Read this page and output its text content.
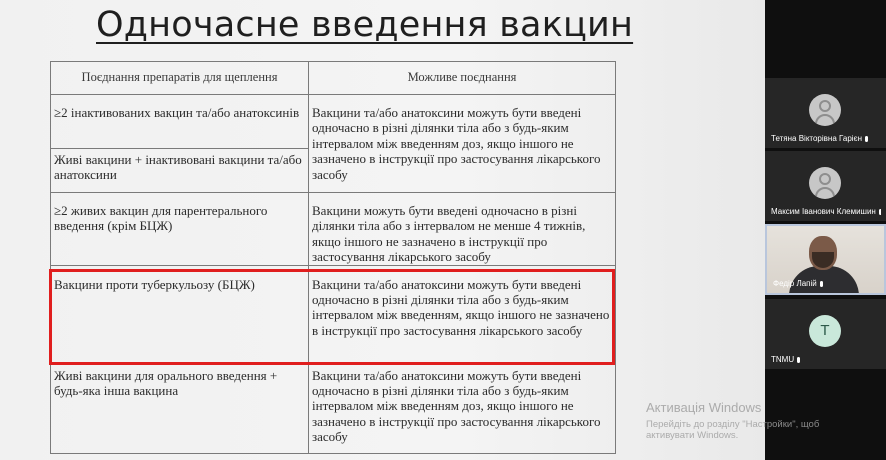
Одночасне введення вакцин
Поєднання препаратів для щеплення	Можливе поєднання
≥2 інактивованих вакцин та/або анатоксинів	Вакцини та/або анатоксини можуть бути введені одночасно в різні ділянки тіла або з будь-яким інтервалом між введенням доз, якщо іншого не зазначено в інструкції про застосування лікарського засобу
Живі вакцини + інактивовані вакцини та/або анатоксини	
≥2 живих вакцин для парентерального введення (крім БЦЖ)	Вакцини можуть бути введені одночасно в різні ділянки тіла або з інтервалом не менше 4 тижнів, якщо іншого не зазначено в інструкції про застосування лікарського засобу
Вакцини проти туберкульозу (БЦЖ)	Вакцини та/або анатоксини можуть бути введені одночасно в різні ділянки тіла або з будь-яким інтервалом між введенням, якщо іншого не зазначено в інструкції про застосування лікарського засобу
Живі вакцини для орального введення + будь-яка інша вакцина	Вакцини та/або анатоксини можуть бути введені одночасно в різні ділянки тіла або з будь-яким інтервалом між введенням доз, якщо іншого не зазначено в інструкції про застосування лікарського засобу
Тетяна Вікторівна Гарієн
Максим Іванович Клемишин
Федір Лапій
T
TNMU
Активація Windows
Перейдіть до розділу "Настройки", щоб
активувати Windows.
